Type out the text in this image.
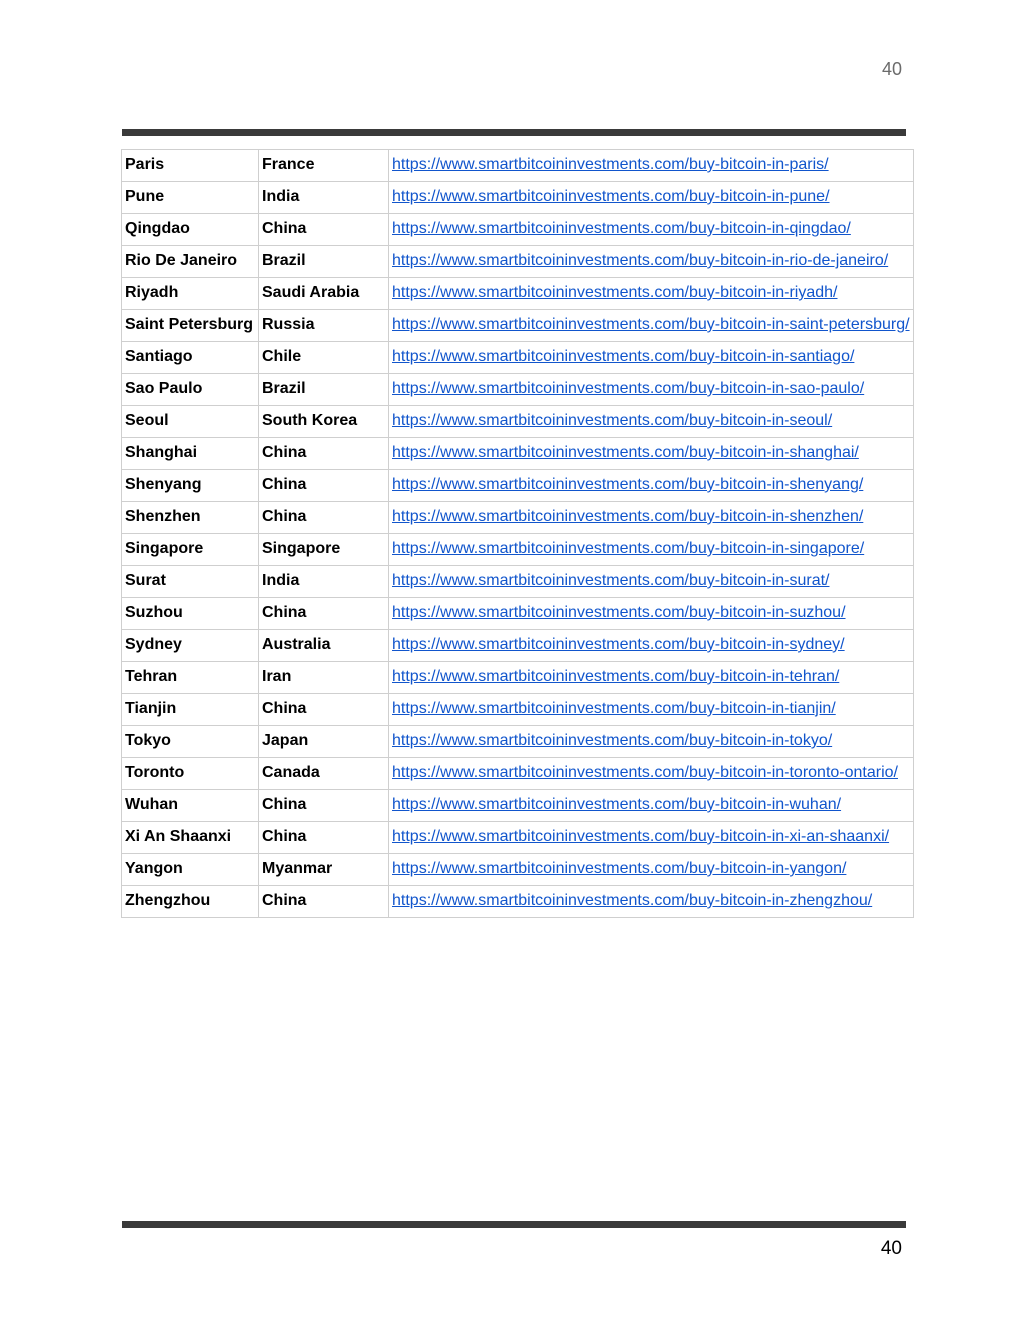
40
Paris	France	https://www.smartbitcoininvestments.com/buy-bitcoin-in-paris/
Pune	India	https://www.smartbitcoininvestments.com/buy-bitcoin-in-pune/
Qingdao	China	https://www.smartbitcoininvestments.com/buy-bitcoin-in-qingdao/
Rio De Janeiro	Brazil	https://www.smartbitcoininvestments.com/buy-bitcoin-in-rio-de-janeiro/
Riyadh	Saudi Arabia	https://www.smartbitcoininvestments.com/buy-bitcoin-in-riyadh/
Saint Petersburg	Russia	https://www.smartbitcoininvestments.com/buy-bitcoin-in-saint-petersburg/
Santiago	Chile	https://www.smartbitcoininvestments.com/buy-bitcoin-in-santiago/
Sao Paulo	Brazil	https://www.smartbitcoininvestments.com/buy-bitcoin-in-sao-paulo/
Seoul	South Korea	https://www.smartbitcoininvestments.com/buy-bitcoin-in-seoul/
Shanghai	China	https://www.smartbitcoininvestments.com/buy-bitcoin-in-shanghai/
Shenyang	China	https://www.smartbitcoininvestments.com/buy-bitcoin-in-shenyang/
Shenzhen	China	https://www.smartbitcoininvestments.com/buy-bitcoin-in-shenzhen/
Singapore	Singapore	https://www.smartbitcoininvestments.com/buy-bitcoin-in-singapore/
Surat	India	https://www.smartbitcoininvestments.com/buy-bitcoin-in-surat/
Suzhou	China	https://www.smartbitcoininvestments.com/buy-bitcoin-in-suzhou/
Sydney	Australia	https://www.smartbitcoininvestments.com/buy-bitcoin-in-sydney/
Tehran	Iran	https://www.smartbitcoininvestments.com/buy-bitcoin-in-tehran/
Tianjin	China	https://www.smartbitcoininvestments.com/buy-bitcoin-in-tianjin/
Tokyo	Japan	https://www.smartbitcoininvestments.com/buy-bitcoin-in-tokyo/
Toronto	Canada	https://www.smartbitcoininvestments.com/buy-bitcoin-in-toronto-ontario/
Wuhan	China	https://www.smartbitcoininvestments.com/buy-bitcoin-in-wuhan/
Xi An Shaanxi	China	https://www.smartbitcoininvestments.com/buy-bitcoin-in-xi-an-shaanxi/
Yangon	Myanmar	https://www.smartbitcoininvestments.com/buy-bitcoin-in-yangon/
Zhengzhou	China	https://www.smartbitcoininvestments.com/buy-bitcoin-in-zhengzhou/
40
